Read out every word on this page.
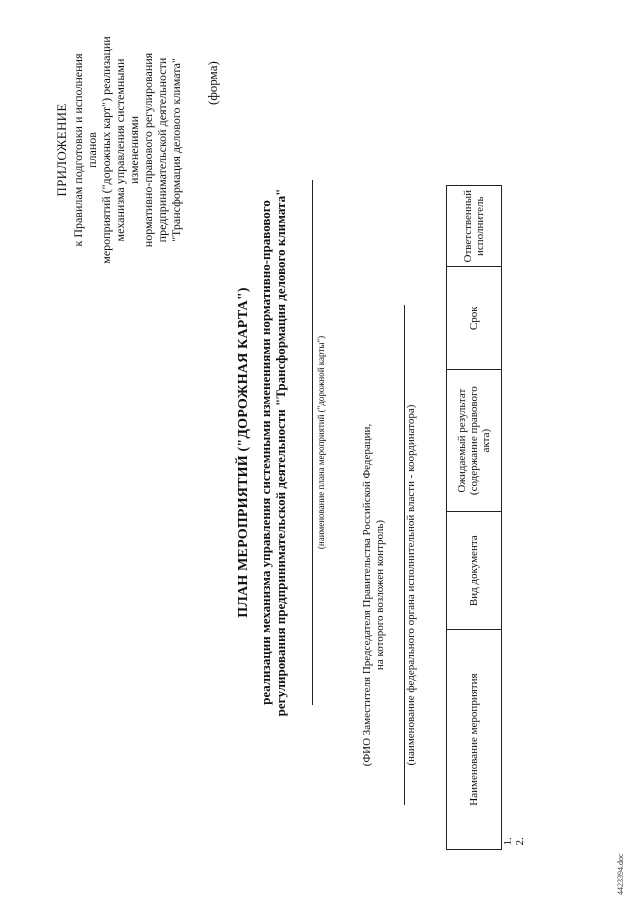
ПРИЛОЖЕНИЕ к Правилам подготовки и исполнения планов мероприятий ("дорожных карт") реализации механизма управления системными изменениями нормативно-правового регулирования предпринимательской деятельности "Трансформация делового климата" (форма)
ПЛАН МЕРОПРИЯТИЙ ("ДОРОЖНАЯ КАРТА") реализации механизма управления системными изменениями нормативно-правового регулирования предпринимательской деятельности "Трансформация делового климата"	(наименование плана мероприятий ("дорожной карты")	(ФИО Заместителя Председателя Правительства Российской Федерации, на которого возложен контроль) (наименование федерального органа исполнительной власти - координатора)	Наименование мероприятия	Вид документа	Ожидаемый результат (содержание правового акта)	Срок	Ответственный исполнитель
1.				
2.				
4423394.doc
